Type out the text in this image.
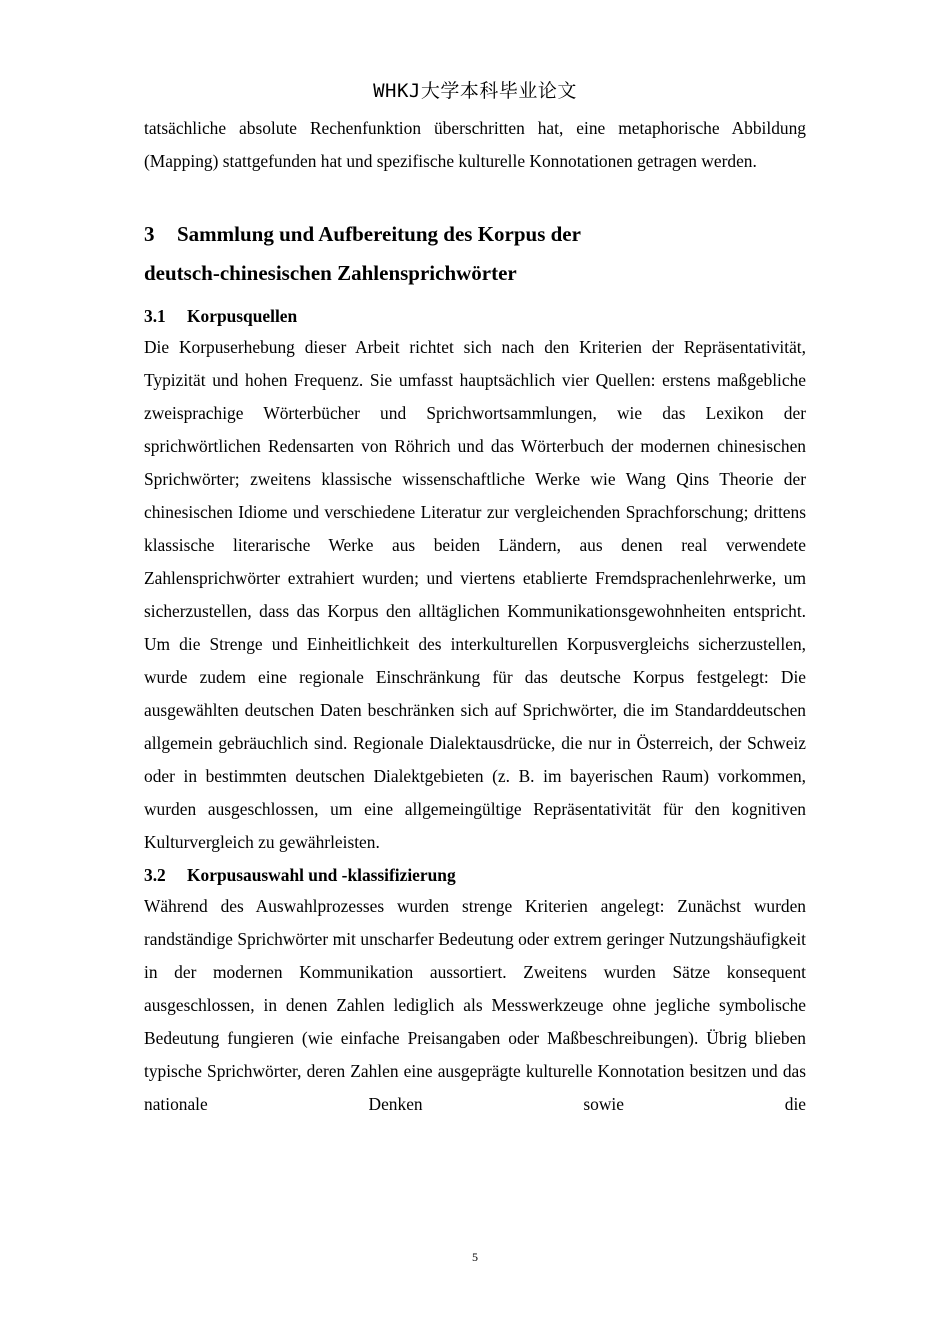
WHKJ大学本科毕业论文

tatsächliche absolute Rechenfunktion überschritten hat, eine metaphorische Abbildung (Mapping) stattgefunden hat und spezifische kulturelle Konnotationen getragen werden.

3 Sammlung und Aufbereitung des Korpus der
deutsch-chinesischen Zahlensprichwörter
3.1 Korpusquellen

Die Korpuserhebung dieser Arbeit richtet sich nach den Kriterien der Repräsentativität, Typizität und hohen Frequenz. Sie umfasst hauptsächlich vier Quellen: erstens maßgebliche zweisprachige Wörterbücher und Sprichwortsammlungen, wie das Lexikon der sprichwörtlichen Redensarten von Röhrich und das Wörterbuch der modernen chinesischen Sprichwörter; zweitens klassische wissenschaftliche Werke wie Wang Qins Theorie der chinesischen Idiome und verschiedene Literatur zur vergleichenden Sprachforschung; drittens klassische literarische Werke aus beiden Ländern, aus denen real verwendete Zahlensprichwörter extrahiert wurden; und viertens etablierte Fremdsprachenlehrwerke, um sicherzustellen, dass das Korpus den alltäglichen Kommunikationsgewohnheiten entspricht. Um die Strenge und Einheitlichkeit des interkulturellen Korpusvergleichs sicherzustellen, wurde zudem eine regionale Einschränkung für das deutsche Korpus festgelegt: Die ausgewählten deutschen Daten beschränken sich auf Sprichwörter, die im Standarddeutschen allgemein gebräuchlich sind. Regionale Dialektausdrücke, die nur in Österreich, der Schweiz oder in bestimmten deutschen Dialektgebieten (z. B. im bayerischen Raum) vorkommen, wurden ausgeschlossen, um eine allgemeingültige Repräsentativität für den kognitiven Kulturvergleich zu gewährleisten.

3.2 Korpusauswahl und -klassifizierung

Während des Auswahlprozesses wurden strenge Kriterien angelegt: Zunächst wurden randständige Sprichwörter mit unscharfer Bedeutung oder extrem geringer Nutzungshäufigkeit in der modernen Kommunikation aussortiert. Zweitens wurden Sätze konsequent ausgeschlossen, in denen Zahlen lediglich als Messwerkzeuge ohne jegliche symbolische Bedeutung fungieren (wie einfache Preisangaben oder Maßbeschreibungen). Übrig blieben typische Sprichwörter, deren Zahlen eine ausgeprägte kulturelle Konnotation besitzen und das nationale Denken sowie die

5
